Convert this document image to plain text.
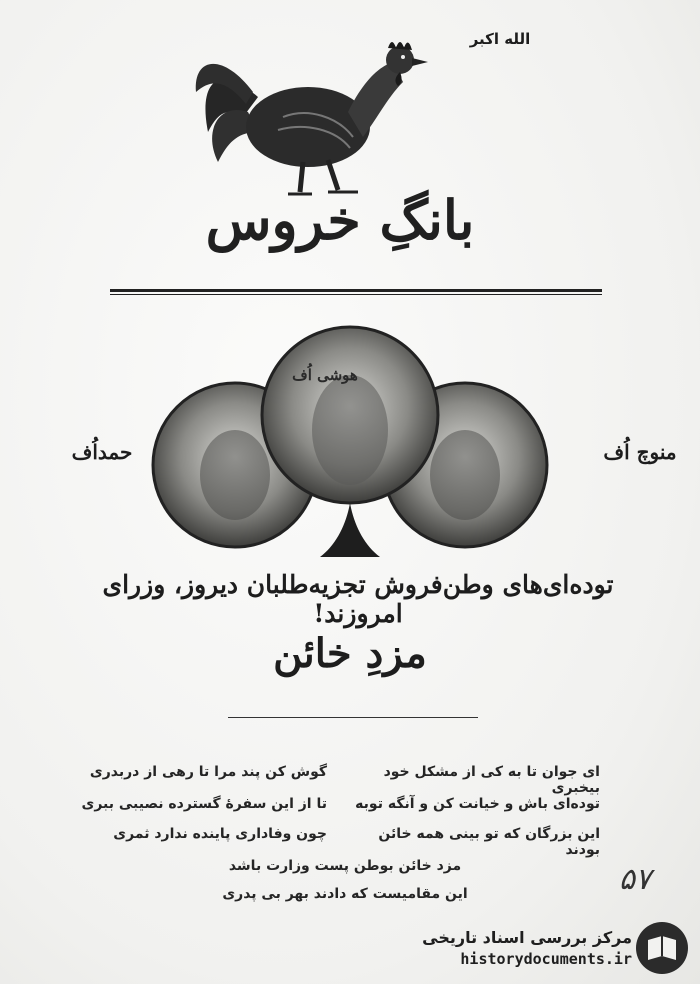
الله اکبر
بانگِ خروس
منوچ اُف
هوشی اُف
حمداُف
توده‌ای‌های وطن‌فروش تجزیه‌طلبان دیروز، وزرای امروزند!
مزدِ خائن
ای جوان تا به کی از مشکل خود بیخبری
گوش کن پند مرا تا رهی از دربدری
توده‌ای باش و خیانت کن و آنگه توبه
تا از این سفرهٔ گسترده نصیبی ببری
این بزرگان که تو بینی همه خائن بودند
چون وفاداری پاینده ندارد ثمری
مزد خائن بوطن پست وزارت باشد
این مقامیست که دادند بهر بی پدری	۵۷
مرکز بررسی اسناد تاریخی
historydocuments.ir
